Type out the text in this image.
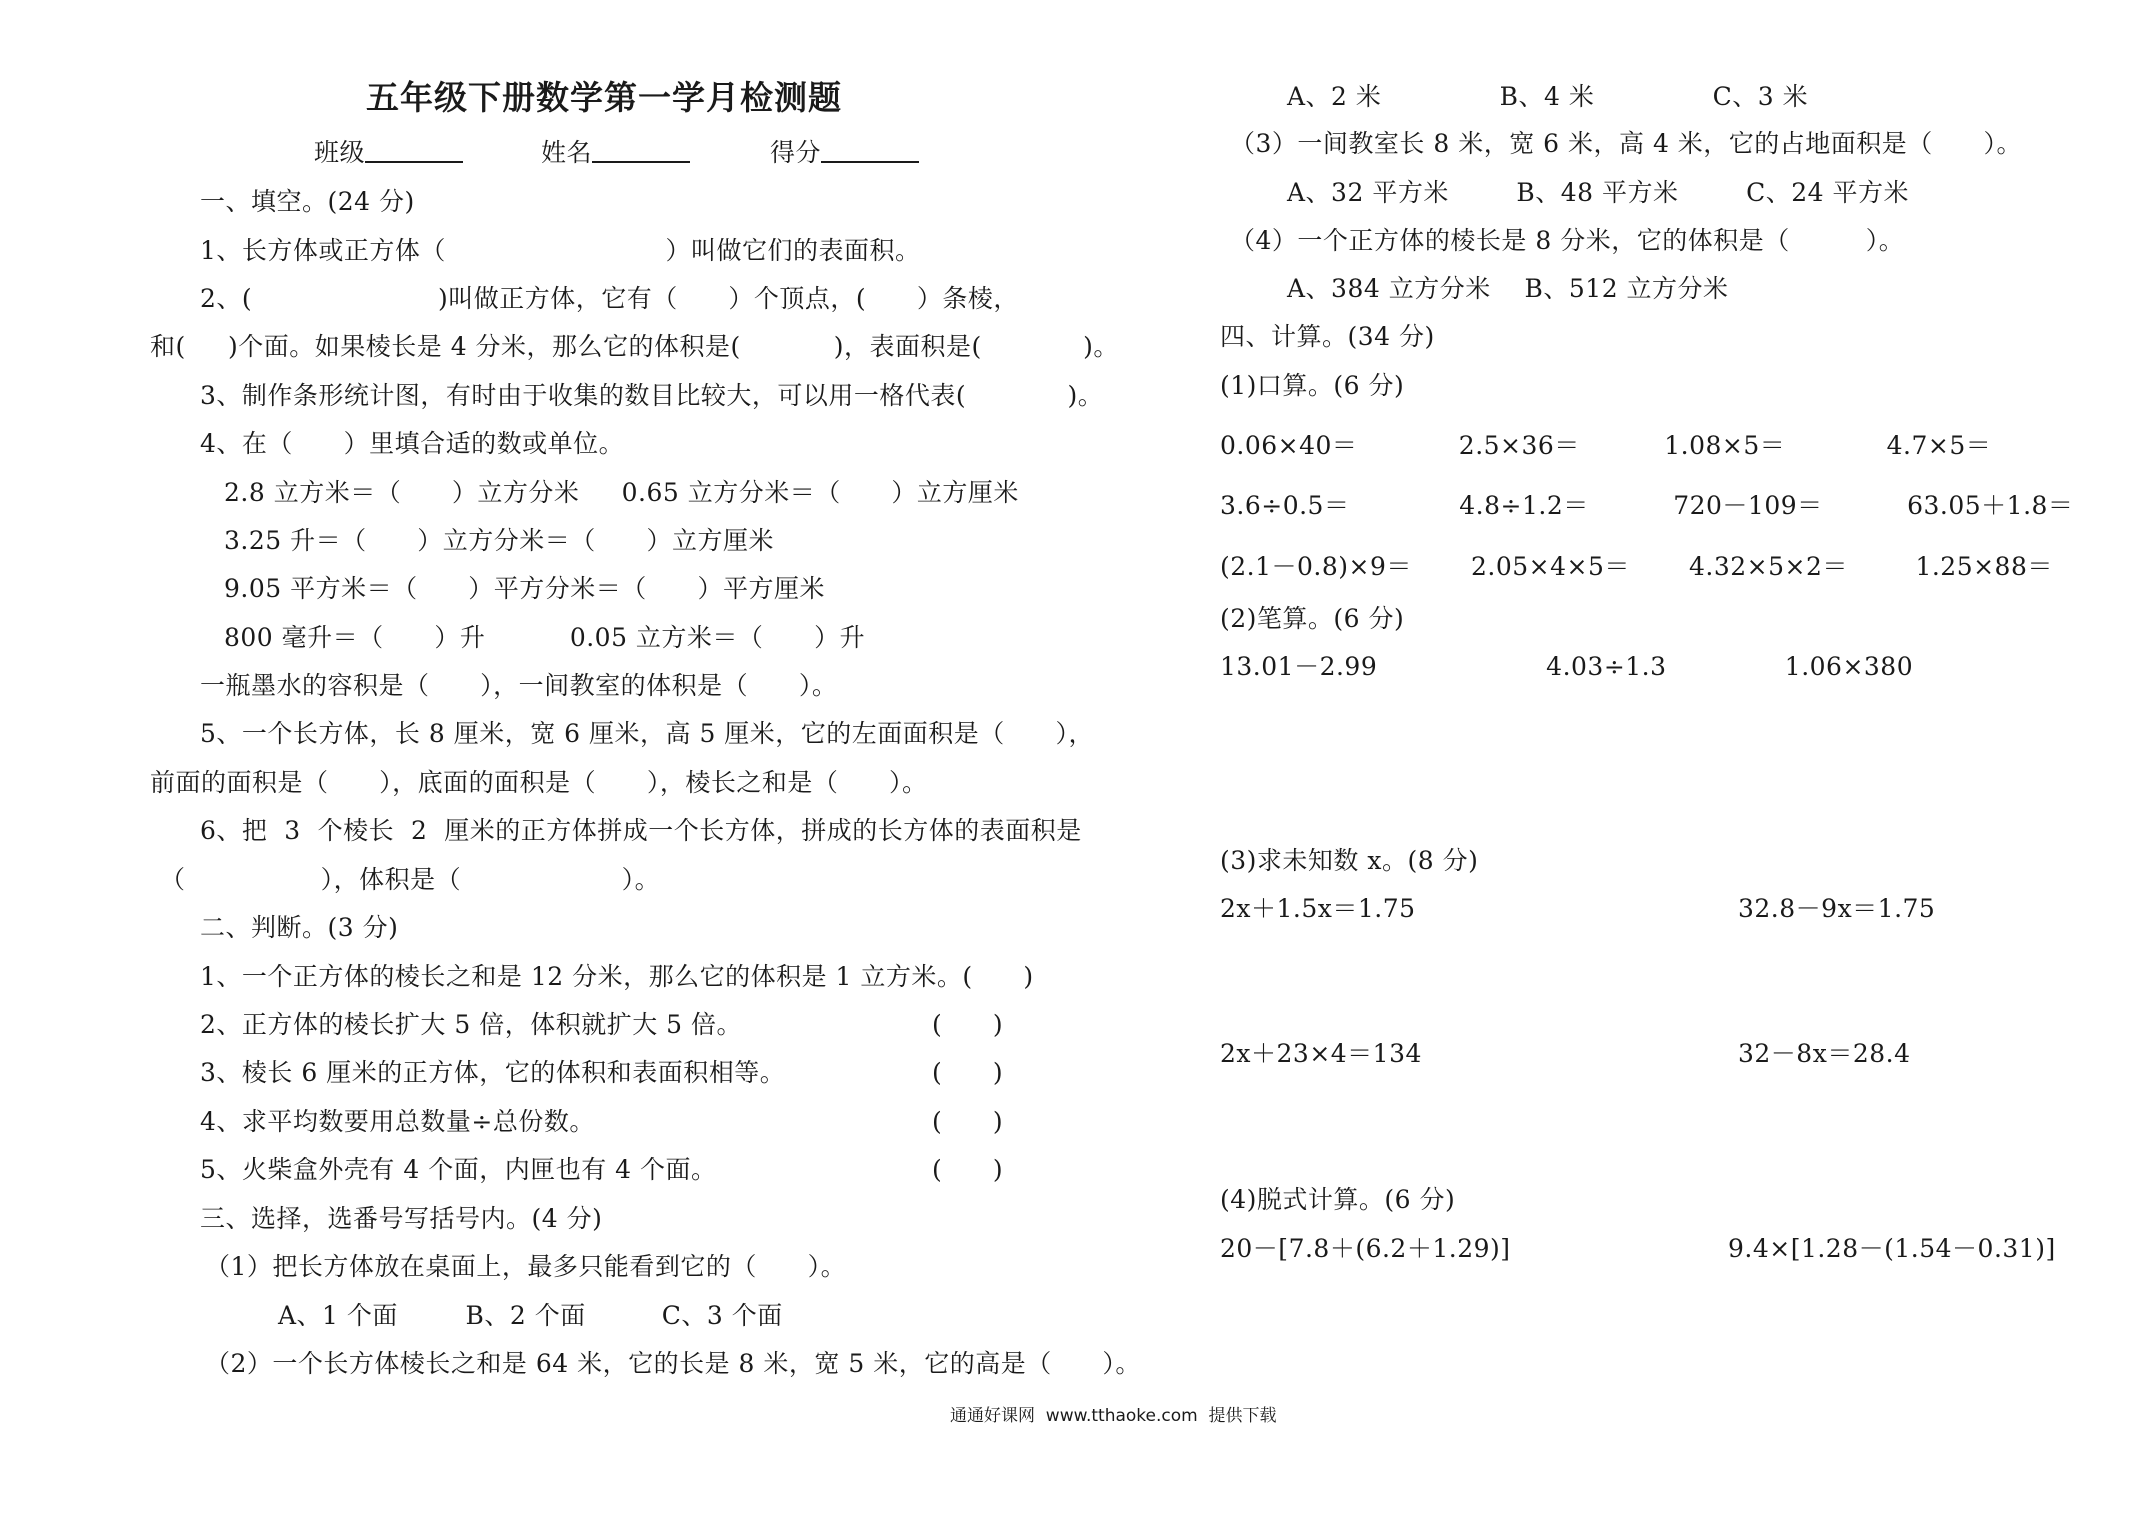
五年级下册数学第一学月检测题
班级	姓名	得分
一、填空。(24 分)
1、长方体或正方体（                          ）叫做它们的表面积。
2、(                      )叫做正方体，它有（      ）个顶点，(      ）条棱，
和(     )个面。如果棱长是 4 分米，那么它的体积是(           )，表面积是(            )。
3、制作条形统计图，有时由于收集的数目比较大，可以用一格代表(            )。
4、在（      ）里填合适的数或单位。
2.8 立方米＝（      ）立方分米     0.65 立方分米＝（      ）立方厘米
3.25 升＝（      ）立方分米＝（      ）立方厘米
9.05 平方米＝（      ）平方分米＝（      ）平方厘米
800 毫升＝（      ）升          0.05 立方米＝（      ）升
一瓶墨水的容积是（      ），一间教室的体积是（      ）。
5、一个长方体，长 8 厘米，宽 6 厘米，高 5 厘米，它的左面面积是（      ），
前面的面积是（      ），底面的面积是（      ），棱长之和是（      ）。
6、把  3  个棱长  2  厘米的正方体拼成一个长方体，拼成的长方体的表面积是
（                ），体积是（                   ）。
二、判断。(3 分)
1、一个正方体的棱长之和是 12 分米，那么它的体积是 1 立方米。(      )
2、正方体的棱长扩大 5 倍，体积就扩大 5 倍。	(      )
3、棱长 6 厘米的正方体，它的体积和表面积相等。	(      )
4、求平均数要用总数量÷总份数。	(      )
5、火柴盒外壳有 4 个面，内匣也有 4 个面。	(      )
三、选择，选番号写括号内。(4 分)
（1）把长方体放在桌面上，最多只能看到它的（      ）。
A、1 个面        B、2 个面         C、3 个面
（2）一个长方体棱长之和是 64 米，它的长是 8 米，宽 5 米，它的高是（      ）。
A、2 米              B、4 米              C、3 米
（3）一间教室长 8 米，宽 6 米，高 4 米，它的占地面积是（      ）。
A、32 平方米        B、48 平方米        C、24 平方米
（4）一个正方体的棱长是 8 分米，它的体积是（         ）。
A、384 立方分米    B、512 立方分米
四、计算。(34 分)
(1)口算。(6 分)
0.06×40＝            2.5×36＝          1.08×5＝            4.7×5＝
3.6÷0.5＝             4.8÷1.2＝          720－109＝          63.05＋1.8＝
(2.1－0.8)×9＝       2.05×4×5＝       4.32×5×2＝        1.25×88＝
(2)笔算。(6 分)
13.01－2.99                    4.03÷1.3              1.06×380
(3)求未知数 x。(8 分)
2x＋1.5x＝1.75	32.8－9x＝1.75
2x＋23×4＝134	32－8x＝28.4
(4)脱式计算。(6 分)
20－[7.8＋(6.2＋1.29)]	9.4×[1.28－(1.54－0.31)]
通通好课网  www.tthaoke.com  提供下载
